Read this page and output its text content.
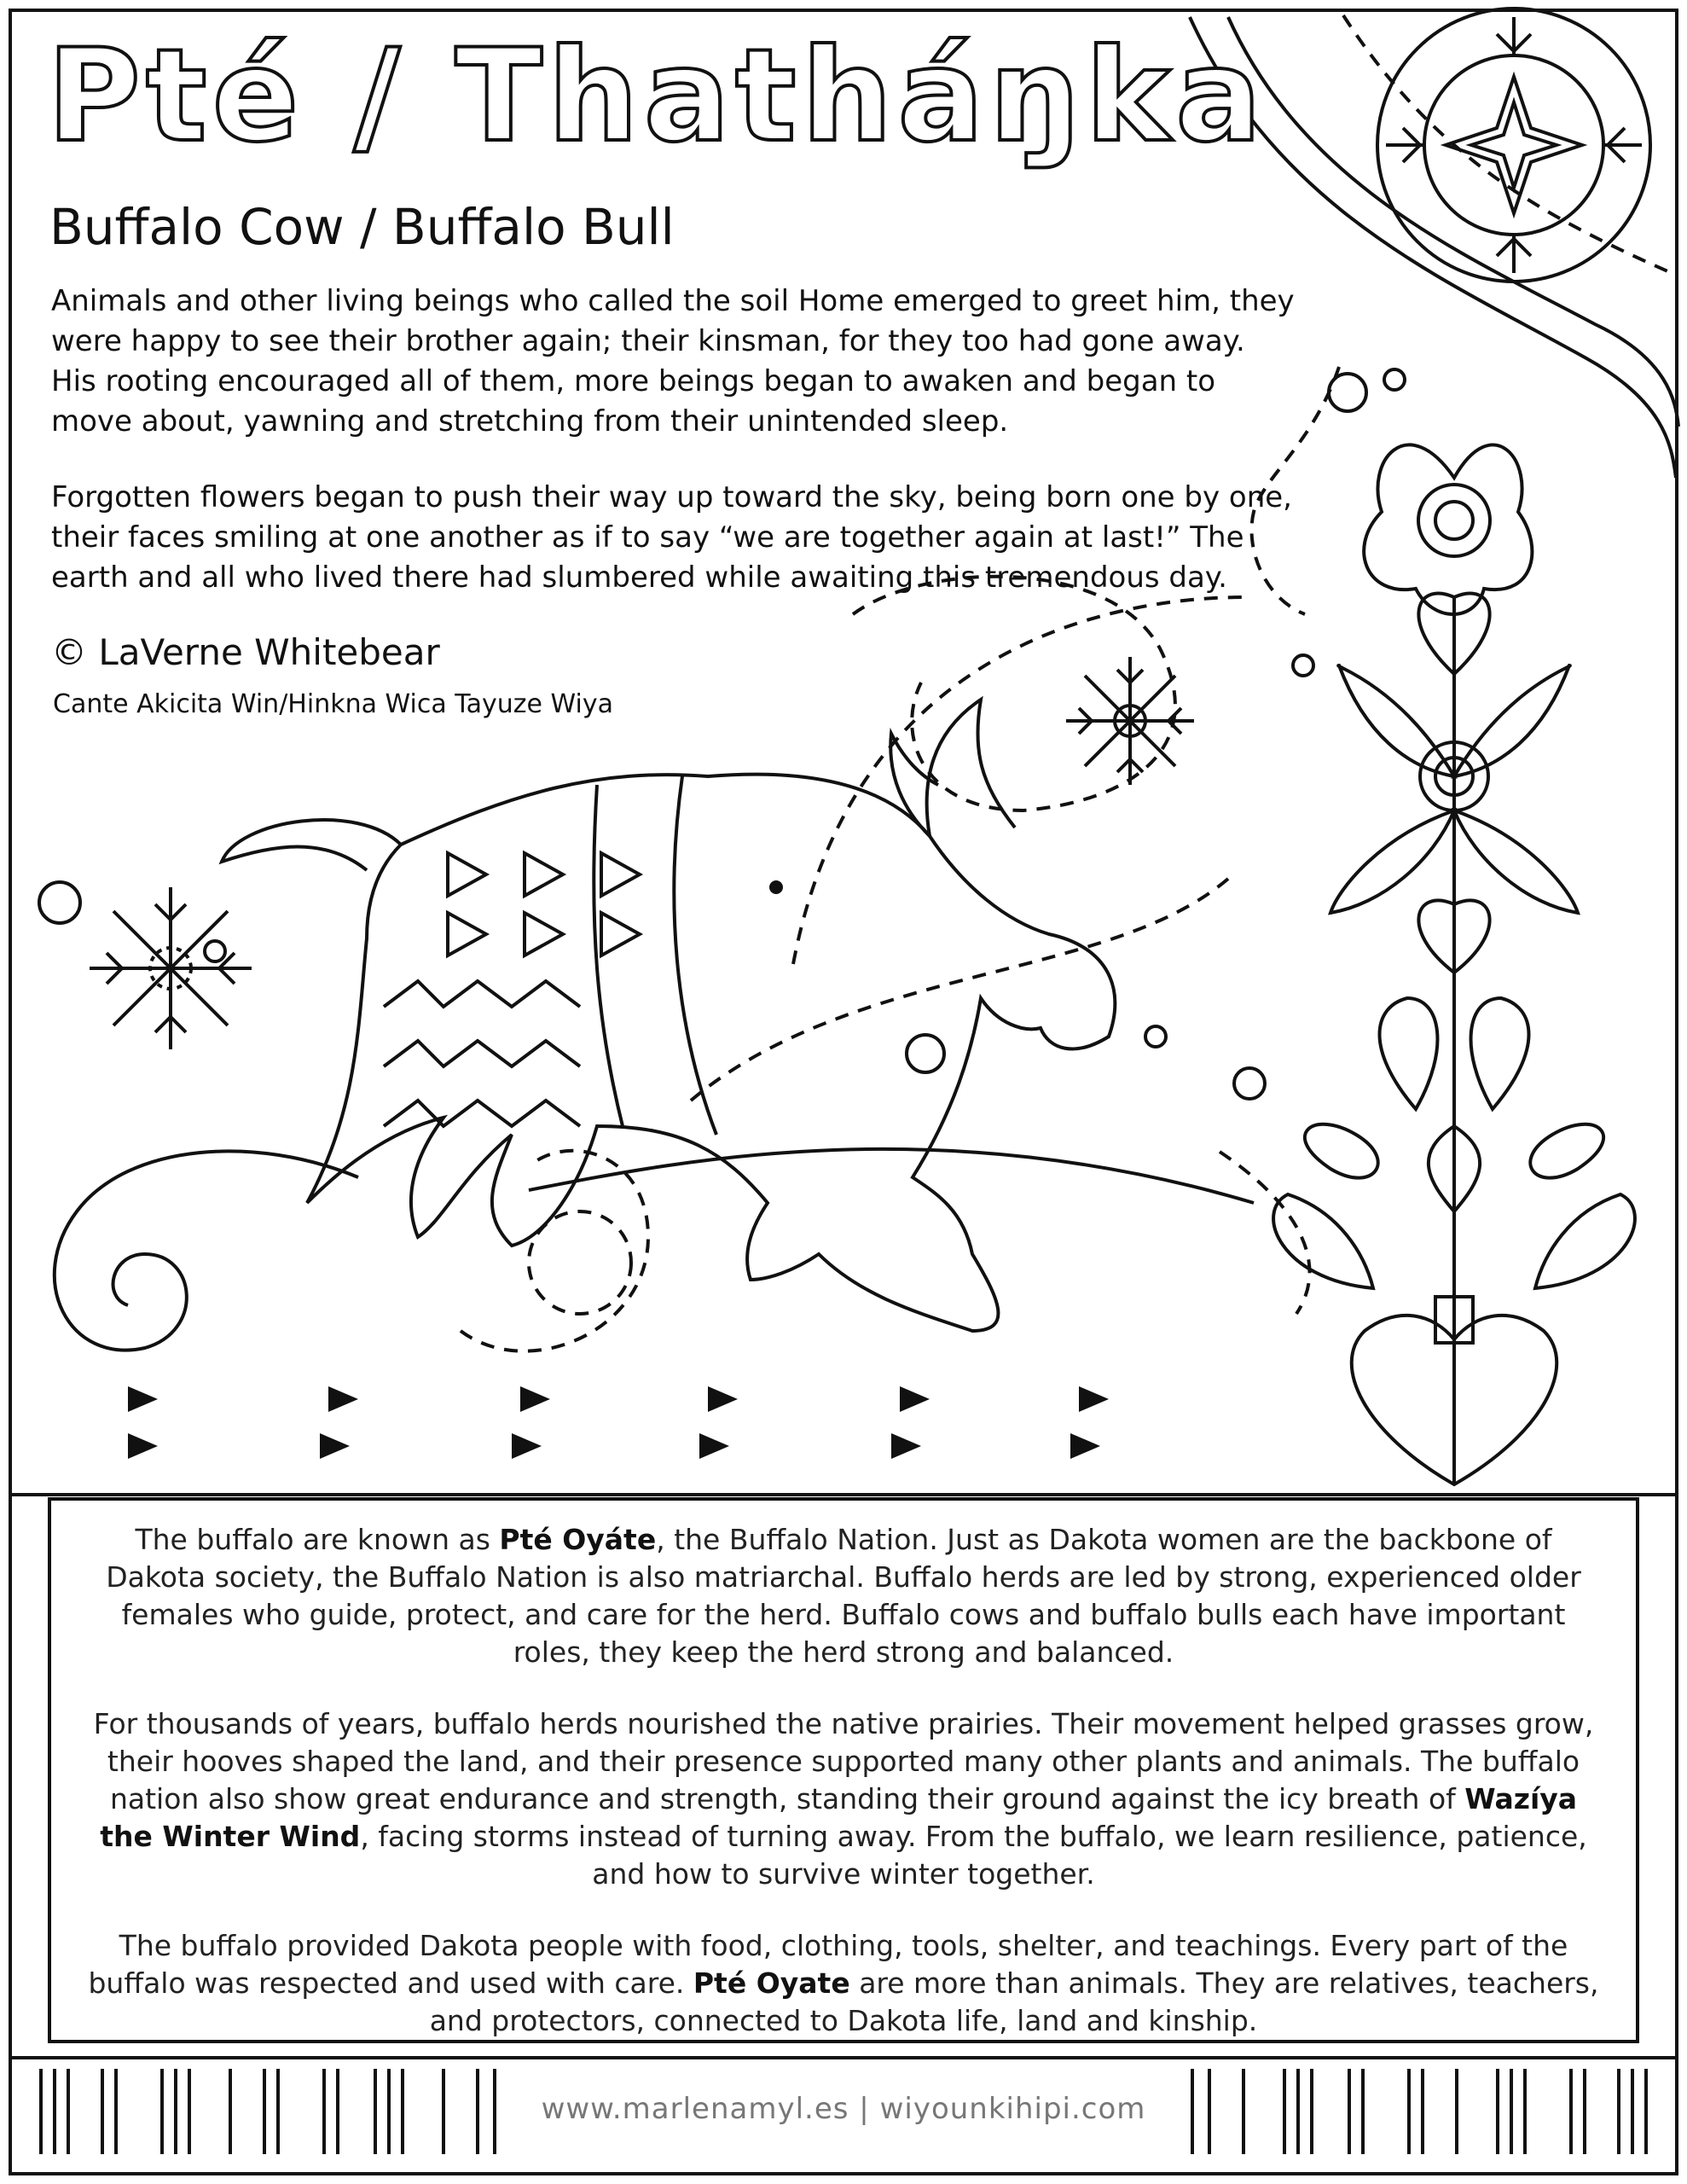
Pté / Thatháŋka
Buffalo Cow / Buffalo Bull

Animals and other living beings who called the soil Home emerged to greet him, they were happy to see their brother again; their kinsman, for they too had gone away. His rooting encouraged all of them, more beings began to awaken and began to move about, yawning and stretching from their unintended sleep.

Forgotten flowers began to push their way up toward the sky, being born one by one, their faces smiling at one another as if to say “we are together again at last!” The earth and all who lived there had slumbered while awaiting this tremendous day.

© LaVerne Whitebear
Cante Akicita Win/Hinkna Wica Tayuze Wiya

The buffalo are known as Pté Oyáte, the Buffalo Nation. Just as Dakota women are the backbone of Dakota society, the Buffalo Nation is also matriarchal. Buffalo herds are led by strong, experienced older females who guide, protect, and care for the herd. Buffalo cows and buffalo bulls each have important roles, they keep the herd strong and balanced.

For thousands of years, buffalo herds nourished the native prairies. Their movement helped grasses grow, their hooves shaped the land, and their presence supported many other plants and animals. The buffalo nation also show great endurance and strength, standing their ground against the icy breath of Wazíya the Winter Wind, facing storms instead of turning away. From the buffalo, we learn resilience, patience, and how to survive winter together.

The buffalo provided Dakota people with food, clothing, tools, shelter, and teachings. Every part of the buffalo was respected and used with care. Pté Oyate are more than animals. They are relatives, teachers, and protectors, connected to Dakota life, land and kinship.

www.marlenamyl.es | wiyounkihipi.com
